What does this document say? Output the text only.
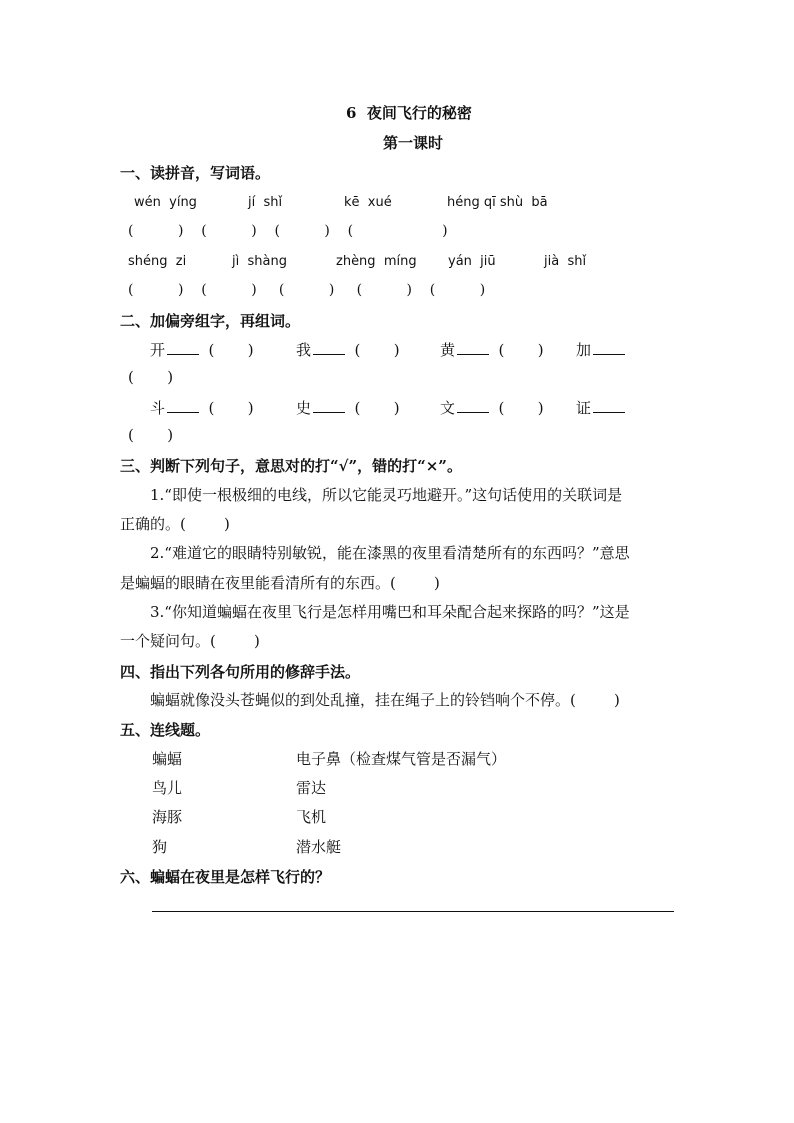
6  夜间飞行的秘密
第一课时
一、读拼音，写词语。
wén  yíng	jí  shǐ	kē  xué	héng qī shù  bā
(          )    (          )    (          )    (                    )
shéng  zi	jì  shàng	zhèng  míng yán  jiū	jià  shǐ
(          )    (          )     (          )     (          )    (          )
二、加偏旁组字，再组词。
开  (       )	我  (       )	黄  (       ) 加
(       )
斗  (       )	史  (       )	文  (       ) 证
(       )
三、判断下列句子，意思对的打“√”，错的打“×”。
1.“即使一根极细的电线，所以它能灵巧地避开。”这句话使用的关联词是
正确的。(        )
2.“难道它的眼睛特别敏锐，能在漆黑的夜里看清楚所有的东西吗？”意思
是蝙蝠的眼睛在夜里能看清所有的东西。(        )
3.“你知道蝙蝠在夜里飞行是怎样用嘴巴和耳朵配合起来探路的吗？”这是
一个疑问句。(        )
四、指出下列各句所用的修辞手法。
蝙蝠就像没头苍蝇似的到处乱撞，挂在绳子上的铃铛响个不停。(        )
五、连线题。
蝙蝠	电子鼻（检查煤气管是否漏气）
鸟儿	雷达
海豚	飞机
狗	潜水艇
六、蝙蝠在夜里是怎样飞行的？
